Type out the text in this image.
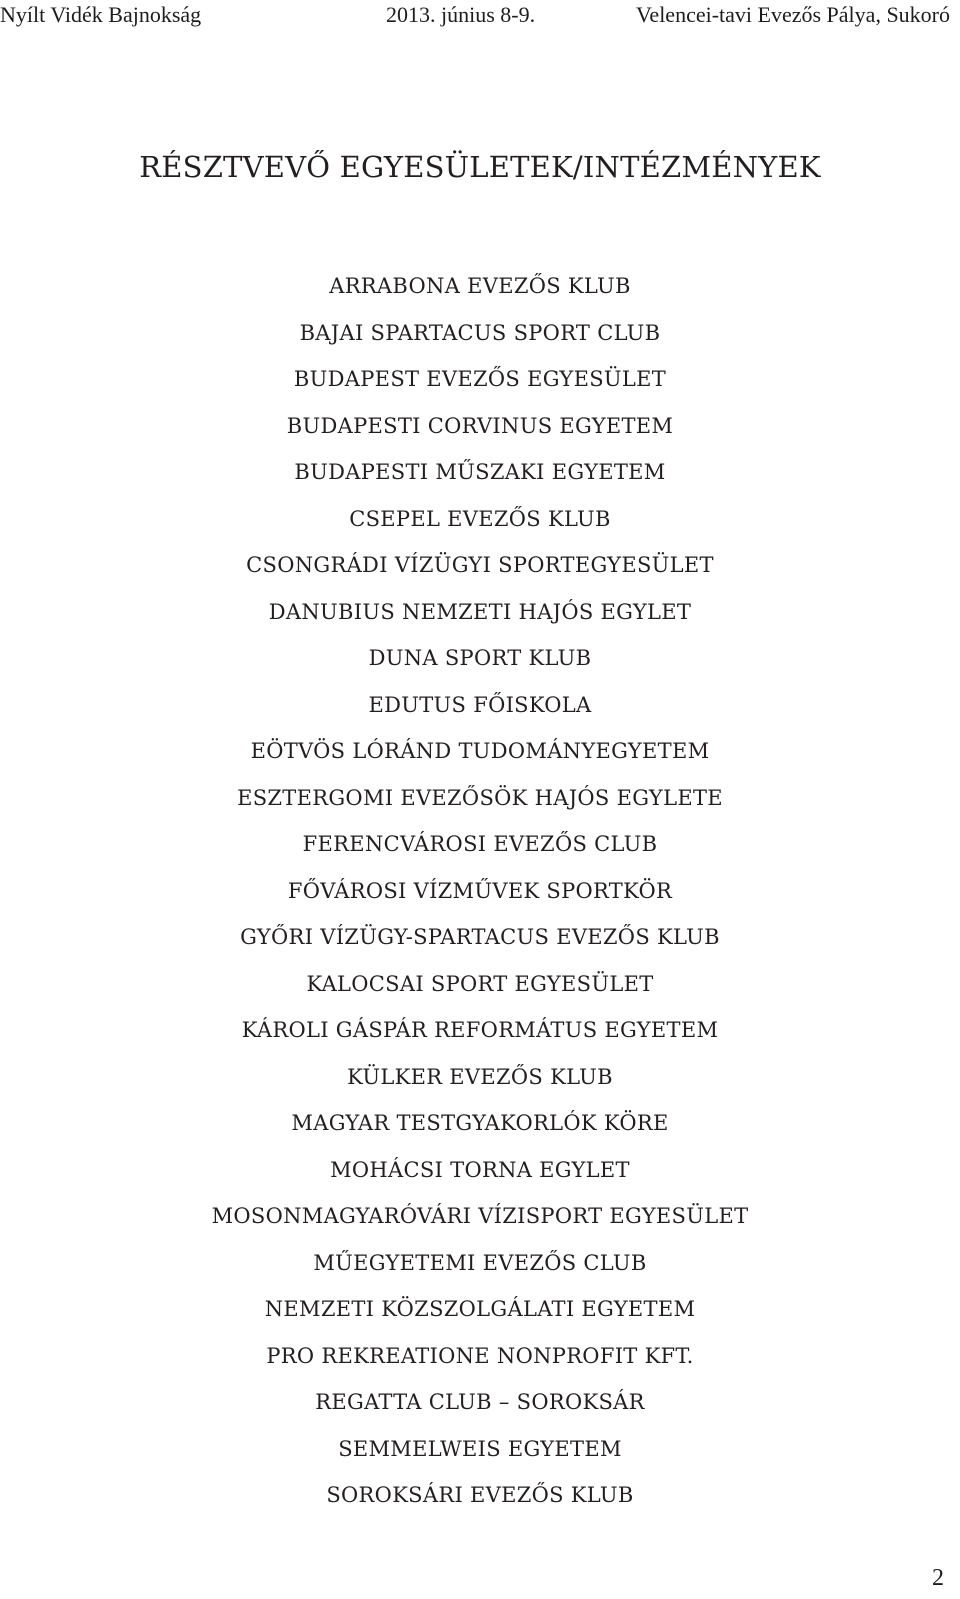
Nyílt Vidék Bajnokság	2013. június 8-9.	Velencei-tavi Evezős Pálya, Sukoró
RÉSZTVEVŐ EGYESÜLETEK/INTÉZMÉNYEK
ARRABONA EVEZŐS KLUB
BAJAI SPARTACUS SPORT CLUB
BUDAPEST EVEZŐS EGYESÜLET
BUDAPESTI CORVINUS EGYETEM
BUDAPESTI MŰSZAKI EGYETEM
CSEPEL EVEZŐS KLUB
CSONGRÁDI VÍZÜGYI SPORTEGYESÜLET
DANUBIUS NEMZETI HAJÓS EGYLET
DUNA SPORT KLUB
EDUTUS FŐISKOLA
EÖTVÖS LÓRÁND TUDOMÁNYEGYETEM
ESZTERGOMI EVEZŐSÖK HAJÓS EGYLETE
FERENCVÁROSI EVEZŐS CLUB
FŐVÁROSI VÍZMŰVEK SPORTKÖR
GYŐRI VÍZÜGY-SPARTACUS EVEZŐS KLUB
KALOCSAI SPORT EGYESÜLET
KÁROLI GÁSPÁR REFORMÁTUS EGYETEM
KÜLKER EVEZŐS KLUB
MAGYAR TESTGYAKORLÓK KÖRE
MOHÁCSI TORNA EGYLET
MOSONMAGYARÓVÁRI VÍZISPORT EGYESÜLET
MŰEGYETEMI EVEZŐS CLUB
NEMZETI KÖZSZOLGÁLATI EGYETEM
PRO REKREATIONE NONPROFIT KFT.
REGATTA CLUB – SOROKSÁR
SEMMELWEIS EGYETEM
SOROKSÁRI EVEZŐS KLUB
2
